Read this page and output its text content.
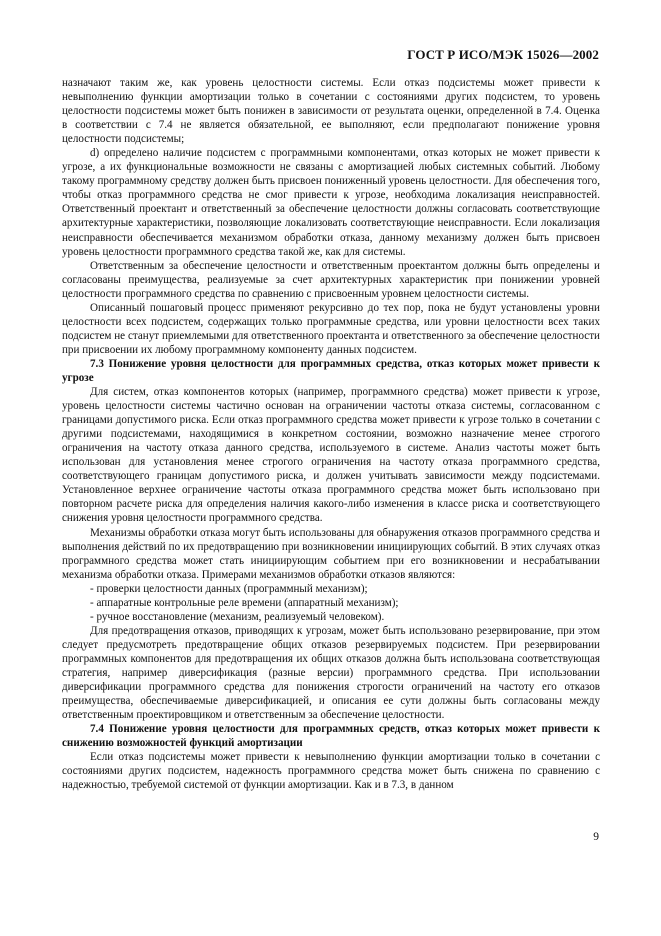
ГОСТ Р ИСО/МЭК 15026—2002

назначают таким же, как уровень целостности системы. Если отказ подсистемы может привести к невыполнению функции амортизации только в сочетании с состояниями других подсистем, то уровень целостности подсистемы может быть понижен в зависимости от результата оценки, определенной в 7.4. Оценка в соответствии с 7.4 не является обязательной, ее выполняют, если предполагают понижение уровня целостности подсистемы;

d) определено наличие подсистем с программными компонентами, отказ которых не может привести к угрозе, а их функциональные возможности не связаны с амортизацией любых системных событий. Любому такому программному средству должен быть присвоен пониженный уровень целостности. Для обеспечения того, чтобы отказ программного средства не смог привести к угрозе, необходима локализация неисправностей. Ответственный проектант и ответственный за обеспечение целостности должны согласовать соответствующие архитектурные характеристики, позволяющие локализовать соответствующие неисправности. Если локализация неисправности обеспечивается механизмом обработки отказа, данному механизму должен быть присвоен уровень целостности программного средства такой же, как для системы.

Ответственным за обеспечение целостности и ответственным проектантом должны быть определены и согласованы преимущества, реализуемые за счет архитектурных характеристик при понижении уровней целостности программного средства по сравнению с присвоенным уровнем целостности системы.

Описанный пошаговый процесс применяют рекурсивно до тех пор, пока не будут установлены уровни целостности всех подсистем, содержащих только программные средства, или уровни целостности всех таких подсистем не станут приемлемыми для ответственного проектанта и ответственного за обеспечение целостности при присвоении их любому программному компоненту данных подсистем.

7.3 Понижение уровня целостности для программных средства, отказ которых может привести к угрозе

Для систем, отказ компонентов которых (например, программного средства) может привести к угрозе, уровень целостности системы частично основан на ограничении частоты отказа системы, согласованном с границами допустимого риска. Если отказ программного средства может привести к угрозе только в сочетании с другими подсистемами, находящимися в конкретном состоянии, возможно назначение менее строгого ограничения на частоту отказа данного средства, используемого в системе. Анализ частоты может быть использован для установления менее строгого ограничения на частоту отказа программного средства, соответствующего границам допустимого риска, и должен учитывать зависимости между подсистемами. Установленное верхнее ограничение частоты отказа программного средства может быть использовано при повторном расчете риска для определения наличия какого-либо изменения в классе риска и соответствующего снижения уровня целостности программного средства.

Механизмы обработки отказа могут быть использованы для обнаружения отказов программного средства и выполнения действий по их предотвращению при возникновении инициирующих событий. В этих случаях отказ программного средства может стать инициирующим событием при его возникновении и несрабатывании механизма обработки отказа. Примерами механизмов обработки отказов являются:

- проверки целостности данных (программный механизм);
- аппаратные контрольные реле времени (аппаратный механизм);
- ручное восстановление (механизм, реализуемый человеком).

Для предотвращения отказов, приводящих к угрозам, может быть использовано резервирование, при этом следует предусмотреть предотвращение общих отказов резервируемых подсистем. При резервировании программных компонентов для предотвращения их общих отказов должна быть использована соответствующая стратегия, например диверсификация (разные версии) программного средства. При использовании диверсификации программного средства для понижения строгости ограничений на частоту его отказов преимущества, обеспечиваемые диверсификацией, и описания ее сути должны быть согласованы между ответственным проектировщиком и ответственным за обеспечение целостности.

7.4 Понижение уровня целостности для программных средств, отказ которых может привести к снижению возможностей функций амортизации

Если отказ подсистемы может привести к невыполнению функции амортизации только в сочетании с состояниями других подсистем, надежность программного средства может быть снижена по сравнению с надежностью, требуемой системой от функции амортизации. Как и в 7.3, в данном

9
